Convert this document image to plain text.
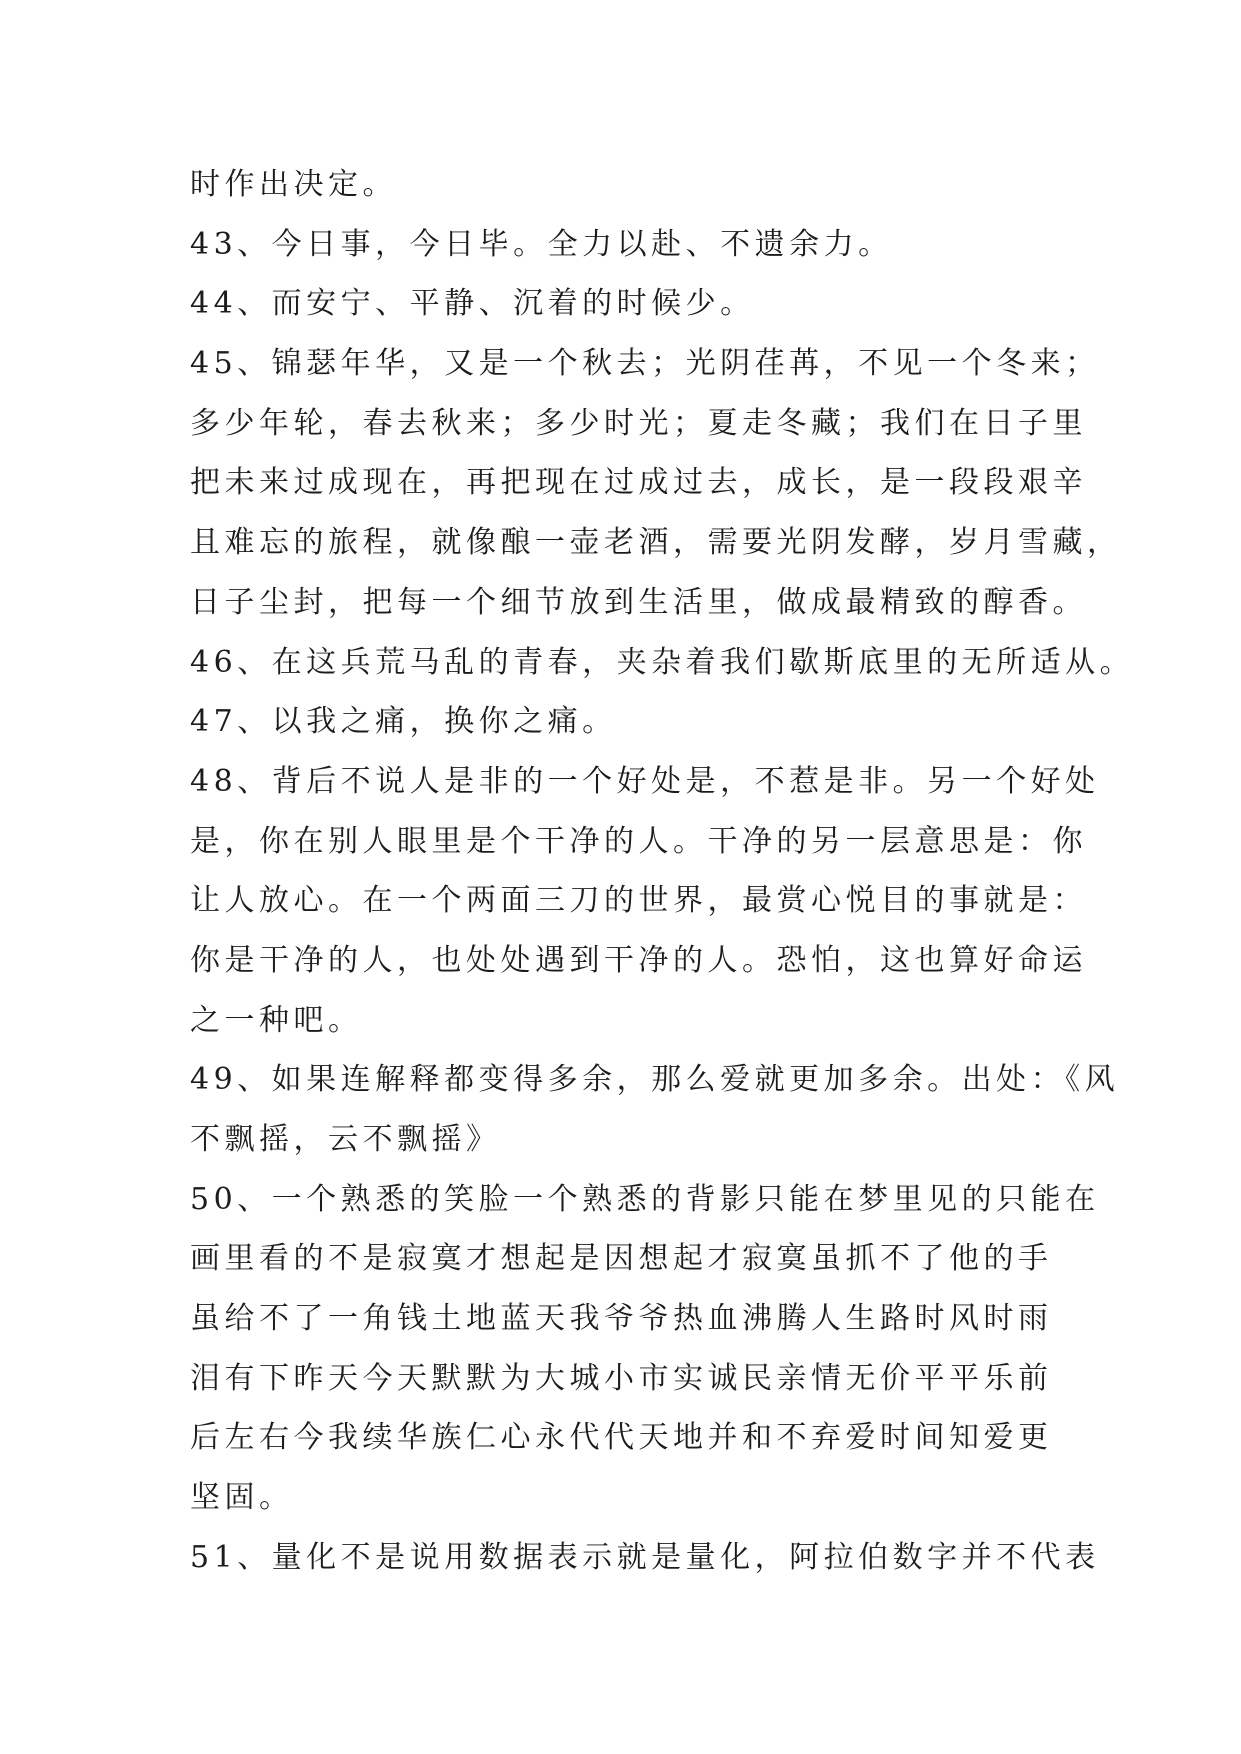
时作出决定。
43、今日事，今日毕。全力以赴、不遗余力。
44、而安宁、平静、沉着的时候少。
45、锦瑟年华，又是一个秋去；光阴荏苒，不见一个冬来；
多少年轮，春去秋来；多少时光；夏走冬藏；我们在日子里
把未来过成现在，再把现在过成过去，成长，是一段段艰辛
且难忘的旅程，就像酿一壶老酒，需要光阴发酵，岁月雪藏，
日子尘封，把每一个细节放到生活里，做成最精致的醇香。
46、在这兵荒马乱的青春，夹杂着我们歇斯底里的无所适从。
47、以我之痛，换你之痛。
48、背后不说人是非的一个好处是，不惹是非。另一个好处
是，你在别人眼里是个干净的人。干净的另一层意思是：你
让人放心。在一个两面三刀的世界，最赏心悦目的事就是：
你是干净的人，也处处遇到干净的人。恐怕，这也算好命运
之一种吧。
49、如果连解释都变得多余，那么爱就更加多余。出处：《风
不飘摇，云不飘摇》
50、一个熟悉的笑脸一个熟悉的背影只能在梦里见的只能在
画里看的不是寂寞才想起是因想起才寂寞虽抓不了他的手
虽给不了一角钱土地蓝天我爷爷热血沸腾人生路时风时雨
泪有下昨天今天默默为大城小市实诚民亲情无价平平乐前
后左右今我续华族仁心永代代天地并和不弃爱时间知爱更
坚固。
51、量化不是说用数据表示就是量化，阿拉伯数字并不代表
